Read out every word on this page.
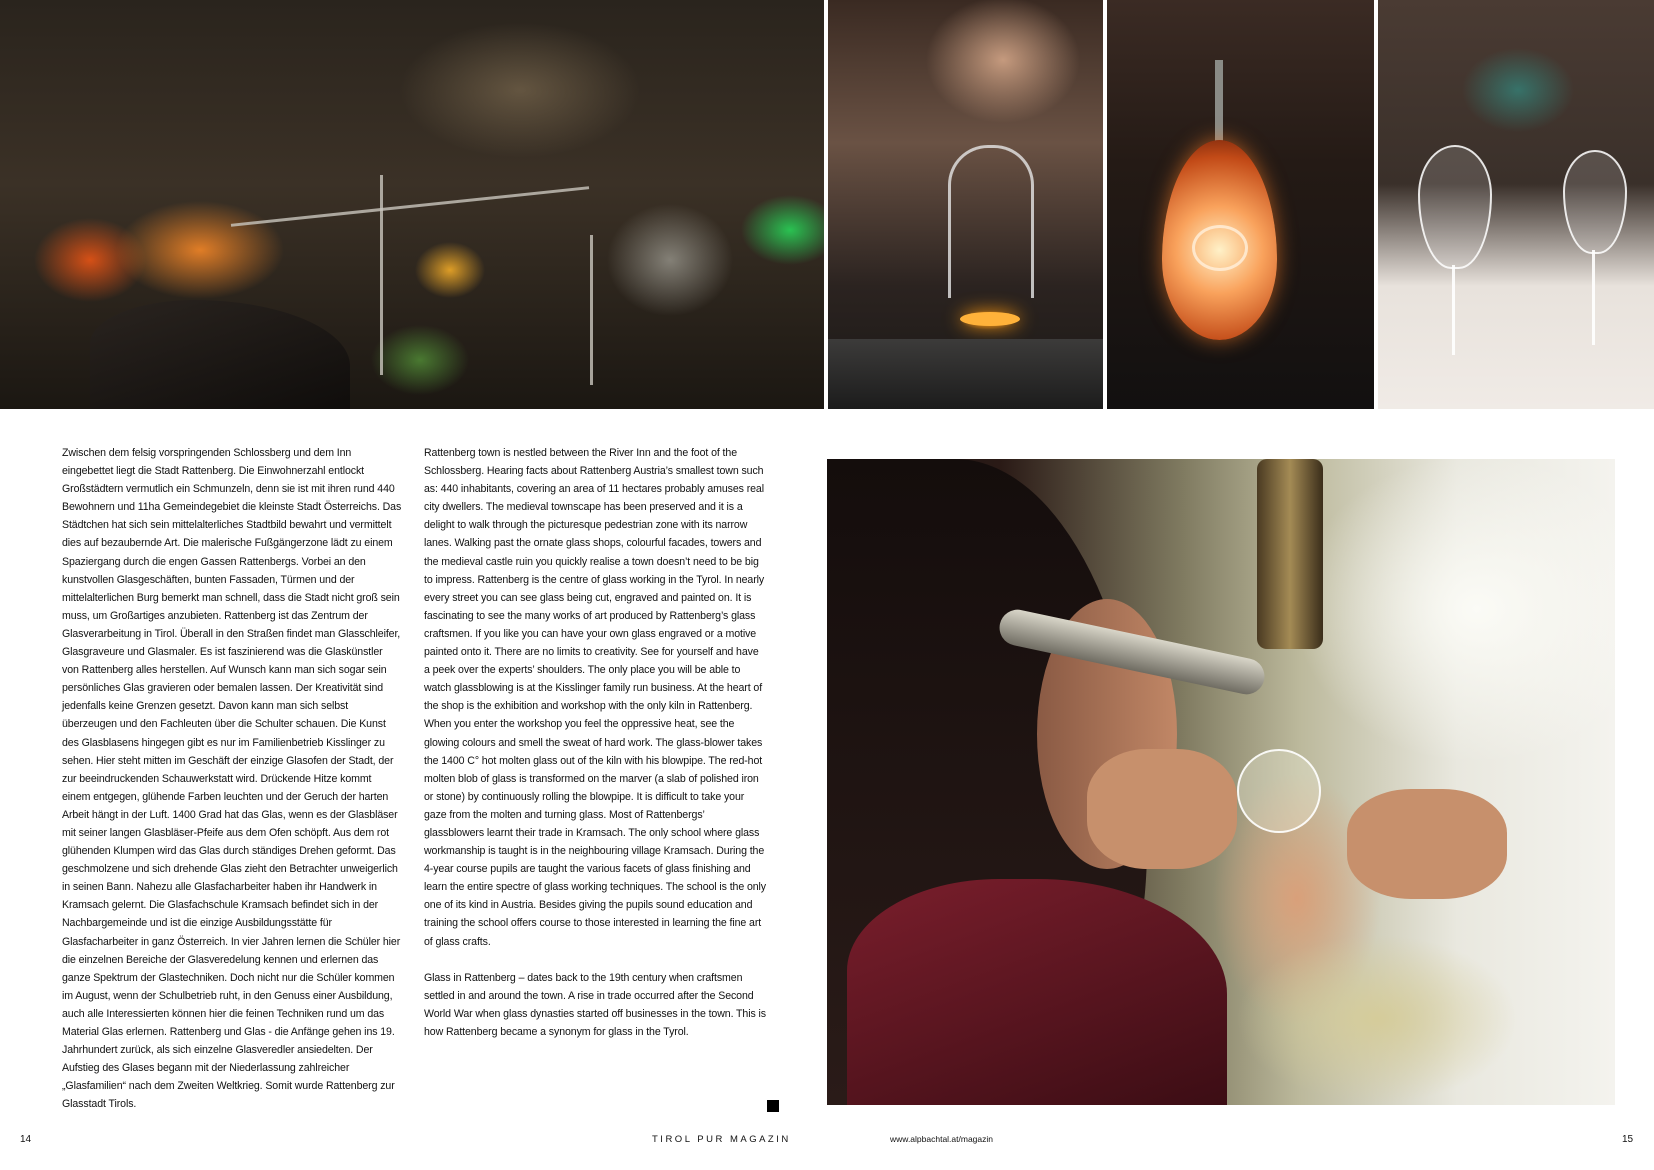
Zwischen dem felsig vorspringenden Schlossberg und dem Inn eingebettet liegt die Stadt Rattenberg. Die Einwohnerzahl entlockt Großstädtern vermutlich ein Schmunzeln, denn sie ist mit ihren rund 440 Bewohnern und 11ha Gemeindegebiet die kleinste Stadt Österreichs. Das Städtchen hat sich sein mittelalterliches Stadtbild bewahrt und vermittelt dies auf bezaubernde Art. Die malerische Fußgängerzone lädt zu einem Spaziergang durch die engen Gassen Rattenbergs. Vorbei an den kunstvollen Glasgeschäften, bunten Fassaden, Türmen und der mittelalterlichen Burg bemerkt man schnell, dass die Stadt nicht groß sein muss, um Großartiges anzubieten. Rattenberg ist das Zentrum der Glasverarbeitung in Tirol. Überall in den Straßen findet man Glasschleifer, Glasgraveure und Glasmaler. Es ist faszinierend was die Glaskünstler von Rattenberg alles herstellen. Auf Wunsch kann man sich sogar sein persönliches Glas gravieren oder bemalen lassen. Der Kreativität sind jedenfalls keine Grenzen gesetzt. Davon kann man sich selbst überzeugen und den Fachleuten über die Schulter schauen. Die Kunst des Glasblasens hingegen gibt es nur im Familienbetrieb Kisslinger zu sehen. Hier steht mitten im Geschäft der einzige Glasofen der Stadt, der zur beeindruckenden Schauwerkstatt wird. Drückende Hitze kommt einem entgegen, glühende Farben leuchten und der Geruch der harten Arbeit hängt in der Luft. 1400 Grad hat das Glas, wenn es der Glasbläser mit seiner langen Glasbläser-Pfeife aus dem Ofen schöpft. Aus dem rot glühenden Klumpen wird das Glas durch ständiges Drehen geformt. Das geschmolzene und sich drehende Glas zieht den Betrachter unweigerlich in seinen Bann. Nahezu alle Glasfacharbeiter haben ihr Handwerk in Kramsach gelernt. Die Glasfachschule Kramsach befindet sich in der Nachbargemeinde und ist die einzige Ausbildungsstätte für Glasfacharbeiter in ganz Österreich. In vier Jahren lernen die Schüler hier die einzelnen Bereiche der Glasveredelung kennen und erlernen das ganze Spektrum der Glastechniken. Doch nicht nur die Schüler kommen im August, wenn der Schulbetrieb ruht, in den Genuss einer Ausbildung, auch alle Interessierten können hier die feinen Techniken rund um das Material Glas erlernen. Rattenberg und Glas - die Anfänge gehen ins 19. Jahrhundert zurück, als sich einzelne Glasveredler ansiedelten. Der Aufstieg des Glases begann mit der Niederlassung zahlreicher „Glasfamilien“ nach dem Zweiten Weltkrieg. Somit wurde Rattenberg zur Glasstadt Tirols.

Rattenberg town is nestled between the River Inn and the foot of the Schlossberg. Hearing facts about Rattenberg Austria’s smallest town such as: 440 inhabitants, covering an area of 11 hectares probably amuses real city dwellers. The medieval townscape has been preserved and it is a delight to walk through the picturesque pedestrian zone with its narrow lanes. Walking past the ornate glass shops, colourful facades, towers and the medieval castle ruin you quickly realise a town doesn’t need to be big to impress. Rattenberg is the centre of glass working in the Tyrol. In nearly every street you can see glass being cut, engraved and painted on. It is fascinating to see the many works of art produced by Rattenberg’s glass craftsmen. If you like you can have your own glass engraved or a motive painted onto it. There are no limits to creativity. See for yourself and have a peek over the experts’ shoulders. The only place you will be able to watch glassblowing is at the Kisslinger family run business. At the heart of the shop is the exhibition and workshop with the only kiln in Rattenberg. When you enter the workshop you feel the oppressive heat, see the glowing colours and smell the sweat of hard work. The glass-blower takes the 1400 C° hot molten glass out of the kiln with his blowpipe. The red-hot molten blob of glass is transformed on the marver (a slab of polished iron or stone) by continuously rolling the blowpipe. It is difficult to take your gaze from the molten and turning glass. Most of Rattenbergs’ glassblowers learnt their trade in Kramsach. The only school where glass workmanship is taught is in the neighbouring village Kramsach. During the 4-year course pupils are taught the various facets of glass finishing and learn the entire spectre of glass working techniques. The school is the only one of its kind in Austria. Besides giving the pupils sound education and training the school offers course to those interested in learning the fine art of glass crafts.

Glass in Rattenberg – dates back to the 19th century when craftsmen settled in and around the town. A rise in trade occurred after the Second World War when glass dynasties started off businesses in the town. This is how Rattenberg became a synonym for glass in the Tyrol.

14	TIROL PUR MAGAZIN	www.alpbachtal.at/magazin	15
